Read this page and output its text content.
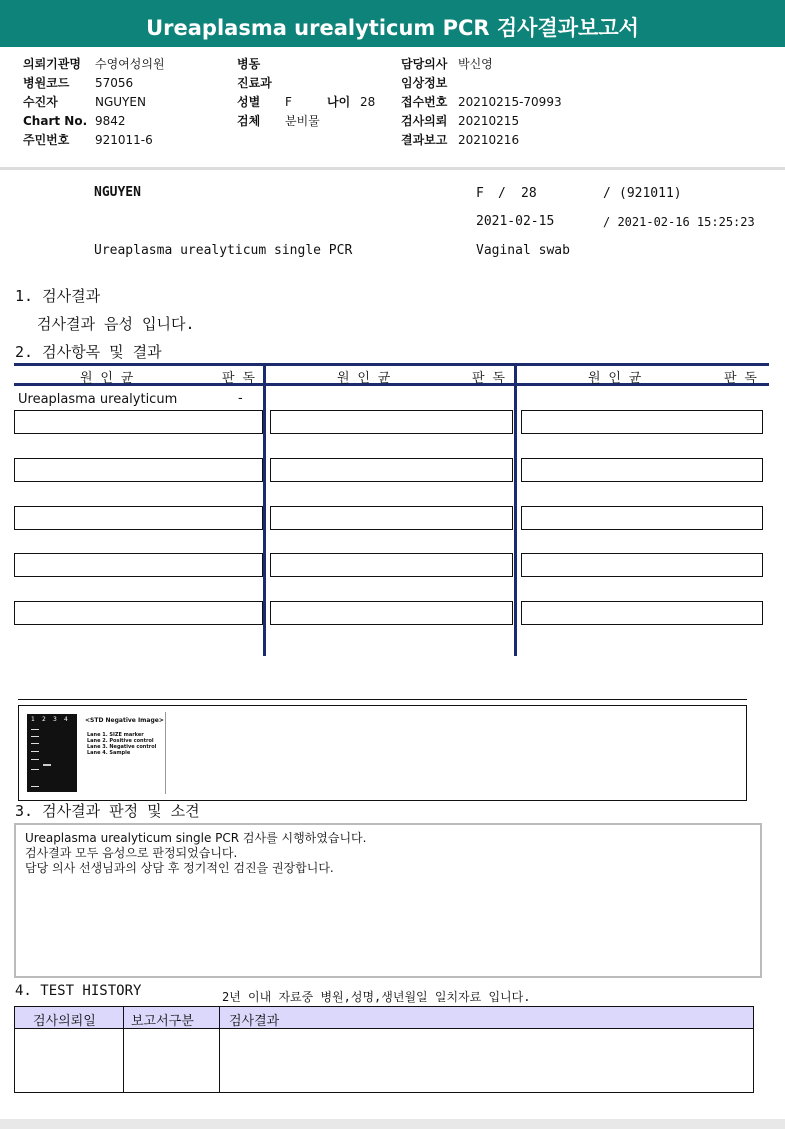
Ureaplasma urealyticum PCR 검사결과보고서
의뢰기관명 수영여성의원
병원코드 57056
수진자	NGUYEN
Chart No. 9842
주민번호 921011-6
병동
진료과
성별 F	나이 28
검체 분비물
담당의사 박신영
임상정보
접수번호 20210215-70993
검사의뢰 20210215
결과보고 20210216
NGUYEN	F / 28	/ (921011)
2021-02-15	/ 2021-02-16 15:25:23
Ureaplasma urealyticum single PCR	Vaginal swab
1. 검사결과
검사결과 음성 입니다.
2. 검사항목 및 결과
원 인 균	판 독	원 인 균	판 독	원 인 균	판 독
Ureaplasma urealyticum	-
1 2 3 4	<STD Negative Image>
Lane 1. SIZE marker
Lane 2. Positive control
Lane 3. Negative control
Lane 4. Sample
3. 검사결과 판정 및 소견
Ureaplasma urealyticum single PCR 검사를 시행하였습니다.
검사결과 모두 음성으로 판정되었습니다.
담당 의사 선생님과의 상담 후 정기적인 검진을 권장합니다.
4. TEST HISTORY	2년 이내 자료중 병원,성명,생년월일 일치자료 입니다.
검사의뢰일	보고서구분	검사결과
